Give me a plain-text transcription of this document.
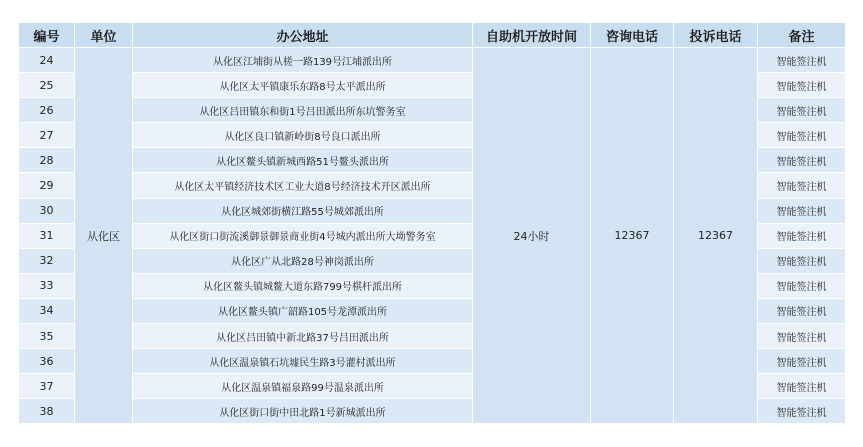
编号	单位	办公地址	自助机开放时间	咨询电话	投诉电话	备注
24	从化区	从化区江埔街从槎一路139号江埔派出所	24小时	12367	12367	智能签注机
25		从化区太平镇康乐东路8号太平派出所				智能签注机
26		从化区吕田镇东和街1号吕田派出所东坑警务室				智能签注机
27		从化区良口镇新岭街8号良口派出所				智能签注机
28		从化区鳌头镇新城西路51号鳌头派出所				智能签注机
29		从化区太平镇经济技术区工业大道8号经济技术开区派出所				智能签注机
30		从化区城郊街横江路55号城郊派出所				智能签注机
31		从化区街口街流溪御景御景商业街4号城内派出所大坳警务室				智能签注机
32		从化区广从北路28号神岗派出所				智能签注机
33		从化区鳌头镇城鳌大道东路799号棋杆派出所				智能签注机
34		从化区鳌头镇广韶路105号龙潭派出所				智能签注机
35		从化区吕田镇中新北路37号吕田派出所				智能签注机
36		从化区温泉镇石坑墟民生路3号灌村派出所				智能签注机
37		从化区温泉镇福泉路99号温泉派出所				智能签注机
38		从化区街口街中田北路1号新城派出所				智能签注机
